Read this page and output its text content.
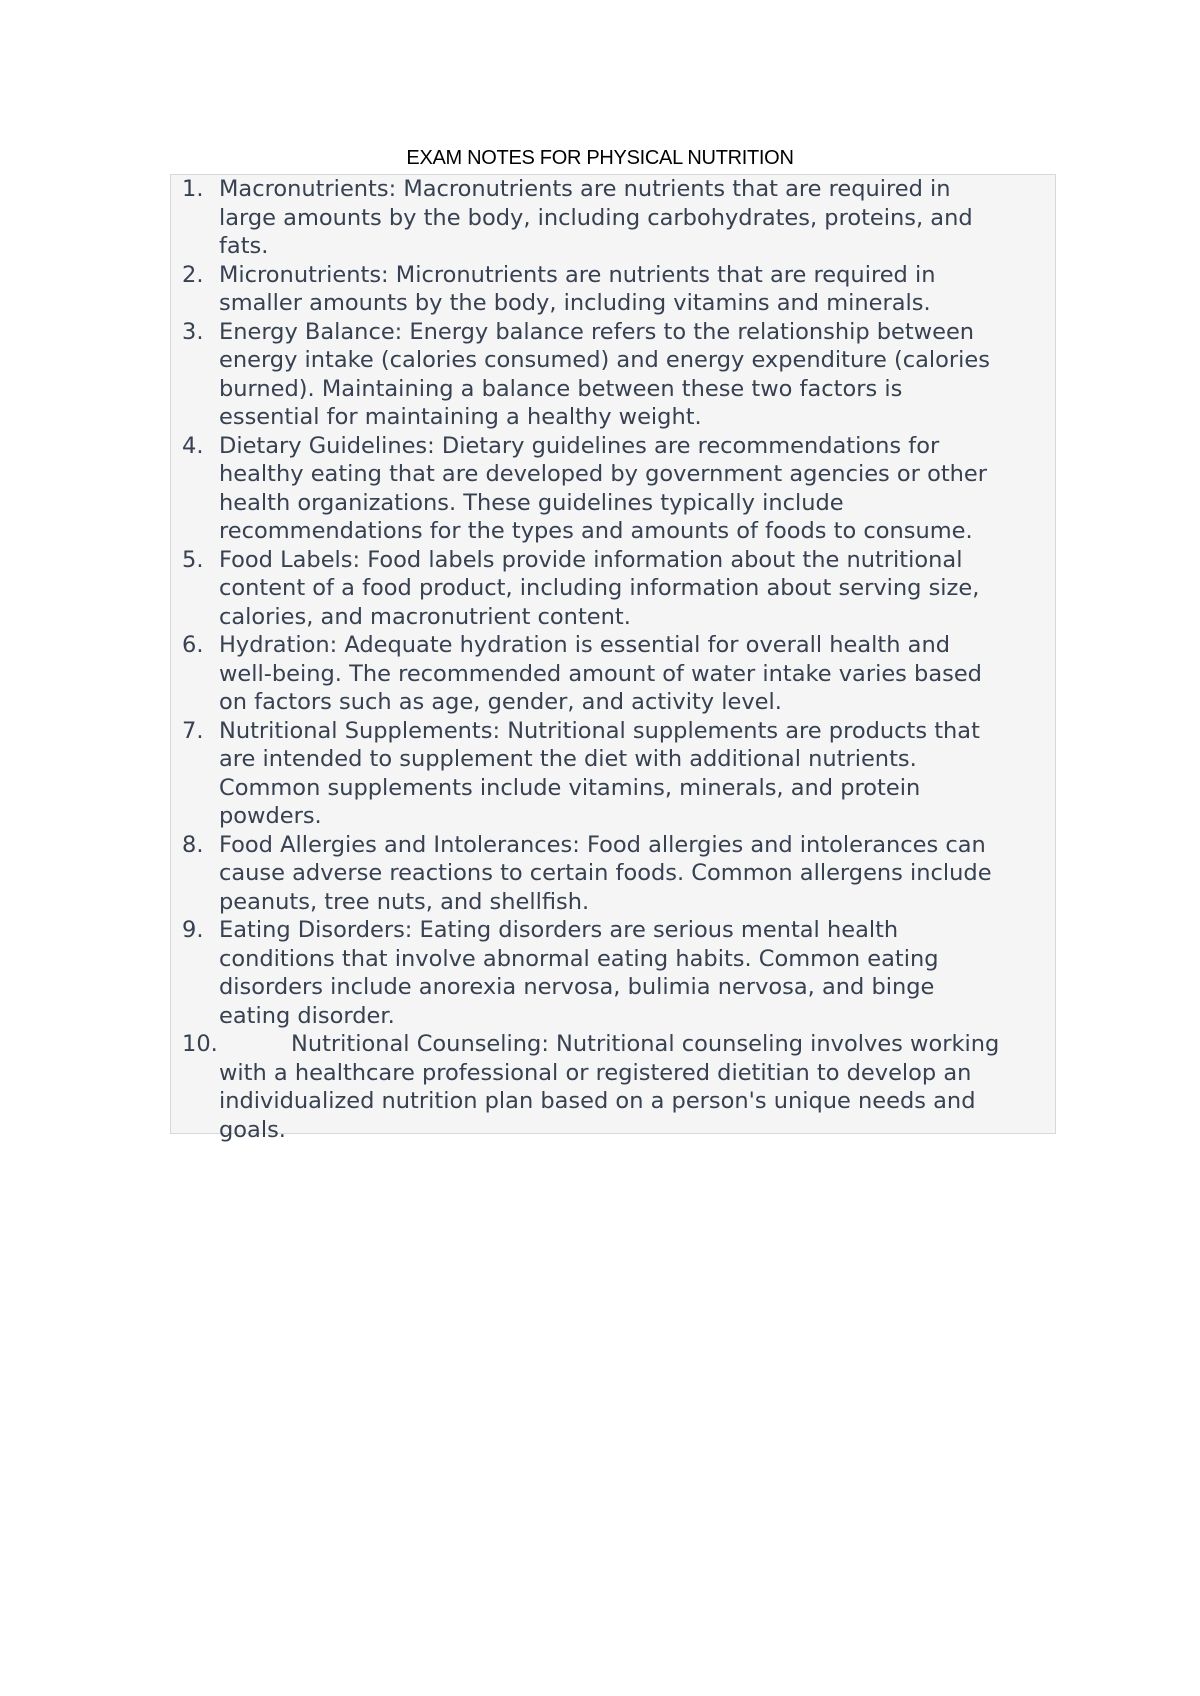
EXAM NOTES FOR PHYSICAL NUTRITION
1. Macronutrients: Macronutrients are nutrients that are required in
large amounts by the body, including carbohydrates, proteins, and
fats.
2. Micronutrients: Micronutrients are nutrients that are required in
smaller amounts by the body, including vitamins and minerals.
3. Energy Balance: Energy balance refers to the relationship between
energy intake (calories consumed) and energy expenditure (calories
burned). Maintaining a balance between these two factors is
essential for maintaining a healthy weight.
4. Dietary Guidelines: Dietary guidelines are recommendations for
healthy eating that are developed by government agencies or other
health organizations. These guidelines typically include
recommendations for the types and amounts of foods to consume.
5. Food Labels: Food labels provide information about the nutritional
content of a food product, including information about serving size,
calories, and macronutrient content.
6. Hydration: Adequate hydration is essential for overall health and
well-being. The recommended amount of water intake varies based
on factors such as age, gender, and activity level.
7. Nutritional Supplements: Nutritional supplements are products that
are intended to supplement the diet with additional nutrients.
Common supplements include vitamins, minerals, and protein
powders.
8. Food Allergies and Intolerances: Food allergies and intolerances can
cause adverse reactions to certain foods. Common allergens include
peanuts, tree nuts, and shellfish.
9. Eating Disorders: Eating disorders are serious mental health
conditions that involve abnormal eating habits. Common eating
disorders include anorexia nervosa, bulimia nervosa, and binge
eating disorder.
10.	Nutritional Counseling: Nutritional counseling involves working
with a healthcare professional or registered dietitian to develop an
individualized nutrition plan based on a person's unique needs and
goals.
